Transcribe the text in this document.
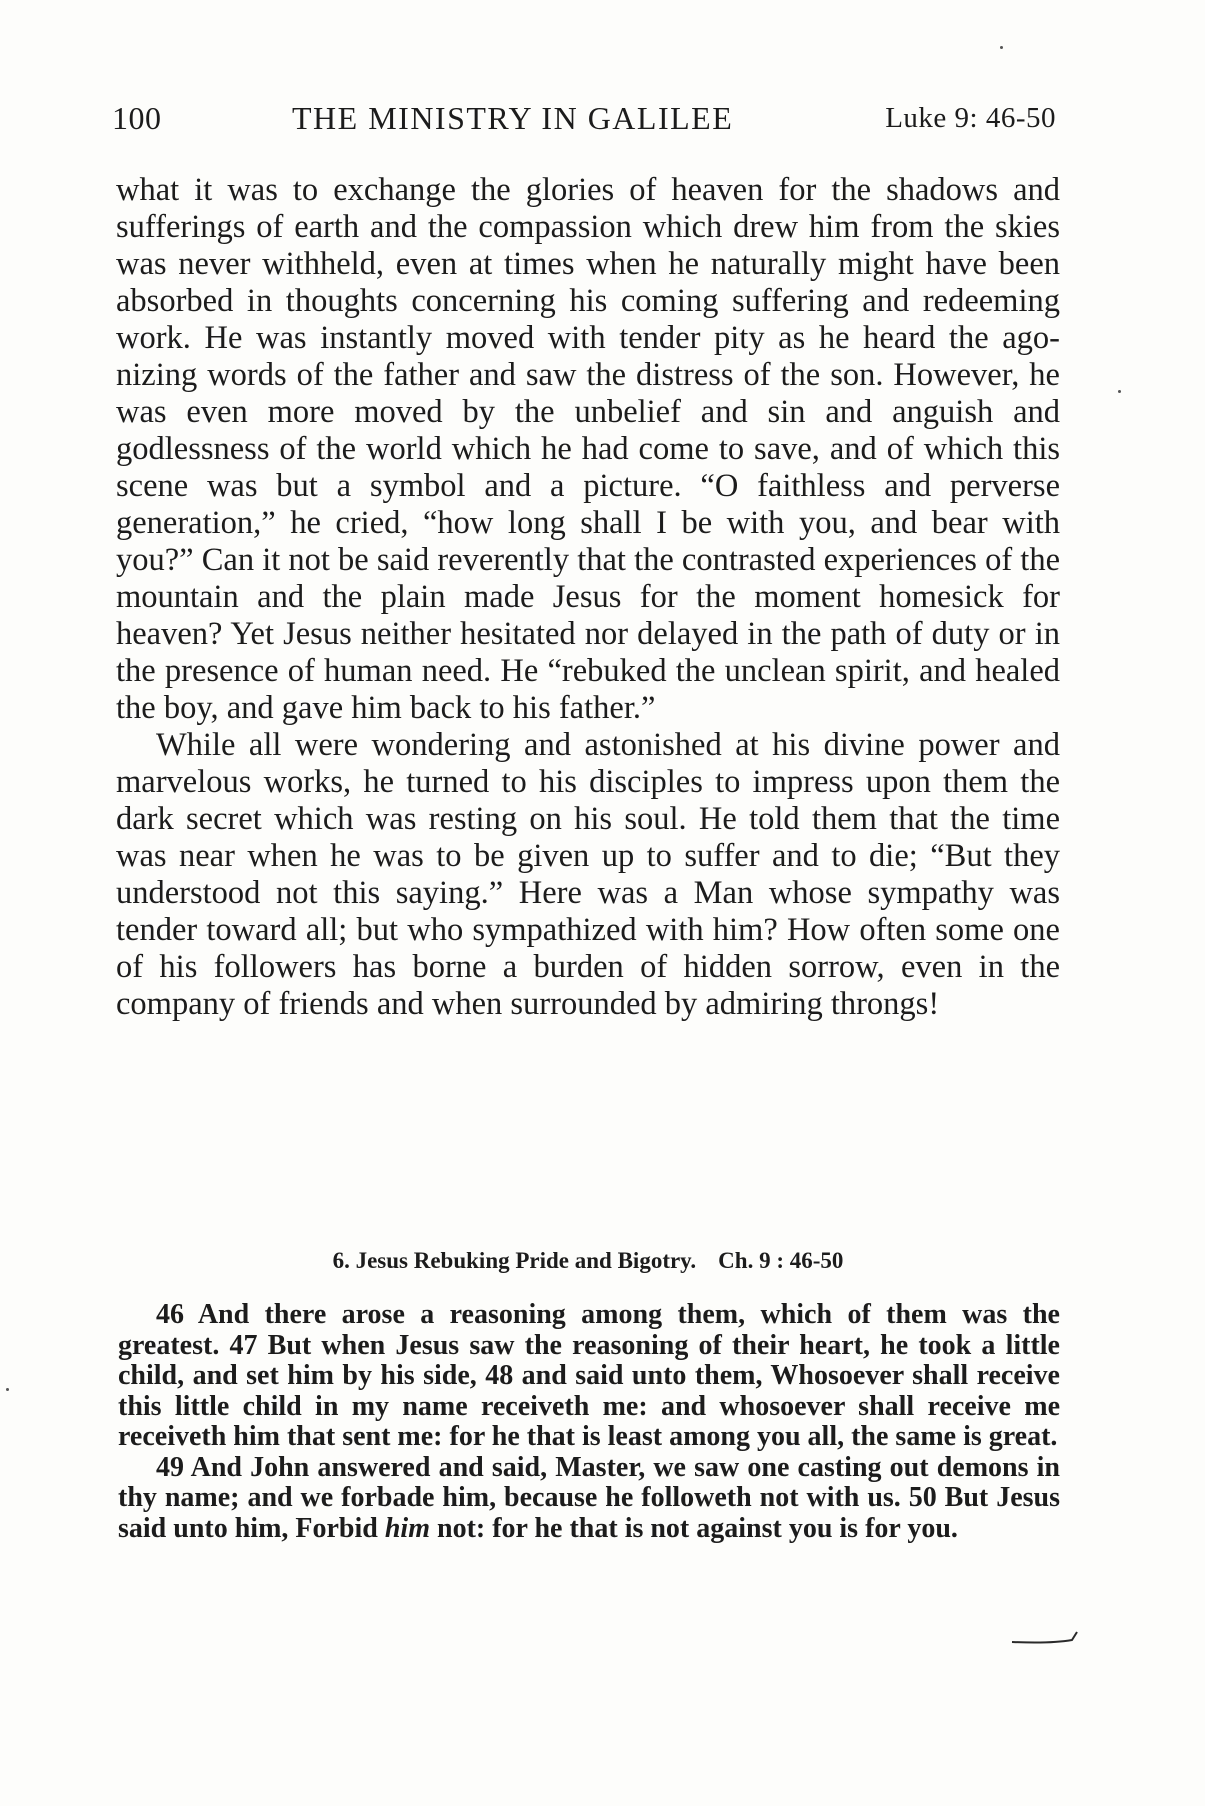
100	THE MINISTRY IN GALILEE	Luke 9: 46-50

what it was to exchange the glories of heaven for the shadows and sufferings of earth and the compassion which drew him from the skies was never withheld, even at times when he naturally might have been absorbed in thoughts concerning his coming suffering and redeeming work. He was instantly moved with tender pity as he heard the agonizing words of the father and saw the distress of the son. However, he was even more moved by the unbelief and sin and anguish and godlessness of the world which he had come to save, and of which this scene was but a symbol and a picture. “O faithless and perverse generation,” he cried, “how long shall I be with you, and bear with you?” Can it not be said reverently that the contrasted experiences of the mountain and the plain made Jesus for the moment homesick for heaven? Yet Jesus neither hesitated nor delayed in the path of duty or in the presence of human need. He “rebuked the unclean spirit, and healed the boy, and gave him back to his father.”

While all were wondering and astonished at his divine power and marvelous works, he turned to his disciples to impress upon them the dark secret which was resting on his soul. He told them that the time was near when he was to be given up to suffer and to die; “But they understood not this saying.” Here was a Man whose sympathy was tender toward all; but who sympathized with him? How often some one of his followers has borne a burden of hidden sorrow, even in the company of friends and when surrounded by admiring throngs!

6. Jesus Rebuking Pride and Bigotry. Ch. 9 : 46-50

46 And there arose a reasoning among them, which of them was the greatest. 47 But when Jesus saw the reasoning of their heart, he took a little child, and set him by his side, 48 and said unto them, Whosoever shall receive this little child in my name receiveth me: and whosoever shall receive me receiveth him that sent me: for he that is least among you all, the same is great.

49 And John answered and said, Master, we saw one casting out demons in thy name; and we forbade him, because he followeth not with us. 50 But Jesus said unto him, Forbid him not: for he that is not against you is for you.
